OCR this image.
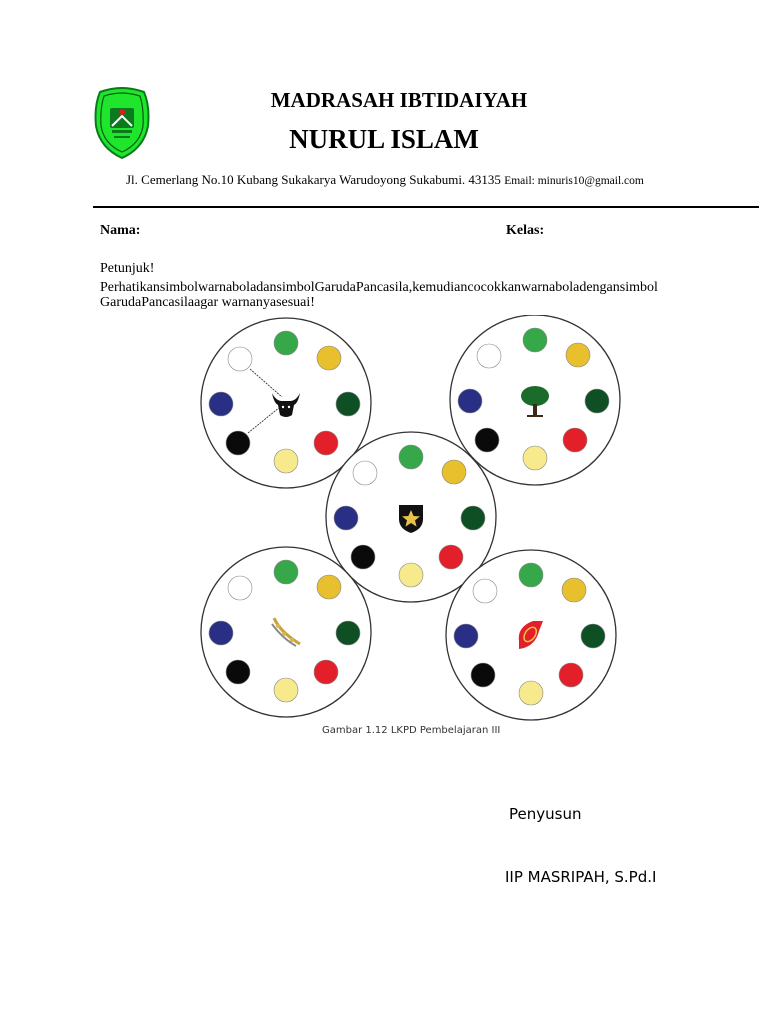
MADRASAH IBTIDAIYAH
NURUL ISLAM
Jl. Cemerlang No.10 Kubang Sukakarya Warudoyong Sukabumi. 43135 Email: minuris10@gmail.com
Nama:	Kelas:
Petunjuk!
PerhatikansimbolwarnaboladansimbolGarudaPancasila,kemudiancocokkanwarnaboladengansimbol GarudaPancasilaagar warnanyasesuai!
Gambar 1.12 LKPD Pembelajaran III
Penyusun
IIP MASRIPAH, S.Pd.I
